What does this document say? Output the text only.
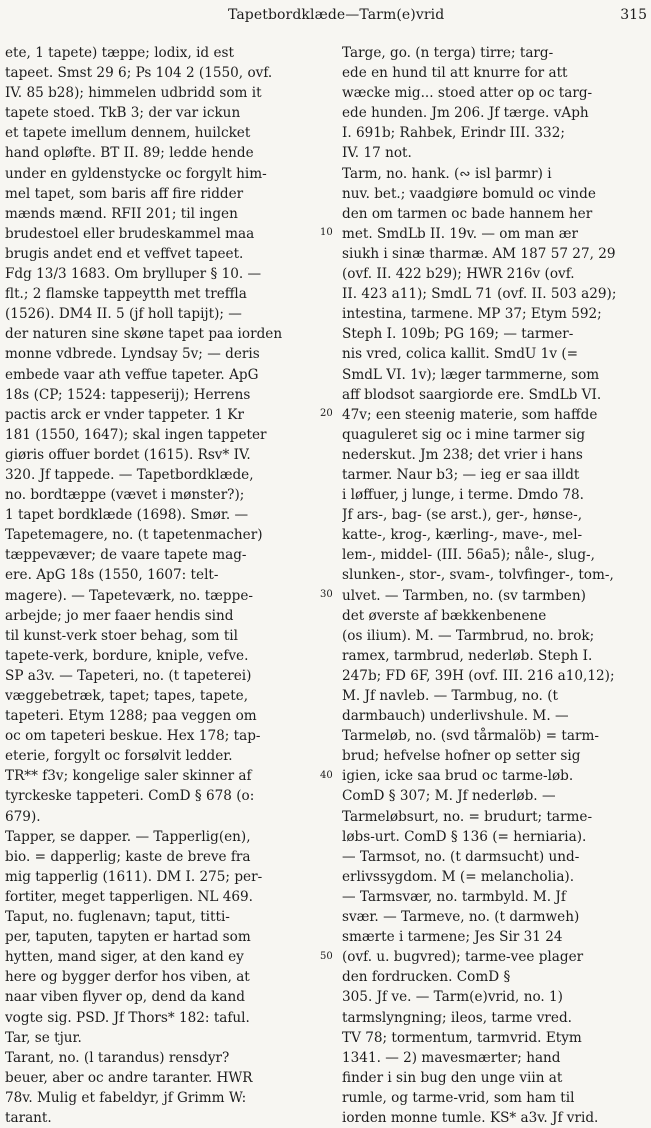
Tapetbordklæde—Tarm(e)vrid	315
ete, 1 tapete) tæppe; lodix, id est
tapeet. Smst 29 6; Ps 104 2 (1550, ovf.
IV. 85 b28); himmelen udbridd som it
tapete stoed. TkB 3; der var ickun
et tapete imellum dennem, huilcket
hand opløfte. BT II. 89; ledde hende
under en gyldenstycke oc forgylt him-
mel tapet, som baris aff fire ridder
mænds mænd. RFII 201; til ingen
brudestoel eller brudeskammel maa
brugis andet end et veffvet tapeet.
Fdg 13/3 1683. Om brylluper § 10. —
flt.; 2 flamske tappeytth met treffla
(1526). DM4 II. 5 (jf holl tapijt); —
der naturen sine skøne tapet paa iorden
monne vdbrede. Lyndsay 5v; — deris
embede vaar ath veffue tapeter. ApG
18s (CP; 1524: tappeserij); Herrens
pactis arck er vnder tappeter. 1 Kr
181 (1550, 1647); skal ingen tappeter
giøris offuer bordet (1615). Rsv* IV.
320. Jf tappede. — Tapetbordklæde,
no. bordtæppe (vævet i mønster?);
1 tapet bordklæde (1698). Smør. —
Tapetemagere, no. (t tapetenmacher)
tæppevæver; de vaare tapete mag-
ere. ApG 18s (1550, 1607: telt-
magere). — Tapeteværk, no. tæppe-
arbejde; jo mer faaer hendis sind
til kunst-verk stoer behag, som til
tapete-verk, bordure, kniple, vefve.
SP a3v. — Tapeteri, no. (t tapeterei)
væggebetræk, tapet; tapes, tapete,
tapeteri. Etym 1288; paa veggen om
oc om tapeteri beskue. Hex 178; tap-
eterie, forgylt oc forsølvit ledder.
TR** f3v; kongelige saler skinner af
tyrckeske tappeteri. ComD § 678 (o:
679).
Tapper, se dapper. — Tapperlig(en),
bio. = dapperlig; kaste de breve fra
mig tapperlig (1611). DM I. 275; per-
fortiter, meget tapperligen. NL 469.
Taput, no. fuglenavn; taput, titti-
per, taputen, tapyten er hartad som
hytten, mand siger, at den kand ey
here og bygger derfor hos viben, at
naar viben flyver op, dend da kand
vogte sig. PSD. Jf Thors* 182: taful.
Tar, se tjur.
Tarant, no. (l tarandus) rensdyr?
beuer, aber oc andre taranter. HWR
78v. Mulig et fabeldyr, jf Grimm W:
tarant.
Targe, go. (n terga) tirre; targ-
ede en hund til att knurre for att
wæcke mig... stoed atter op oc targ-
ede hunden. Jm 206. Jf tærge. vAph
I. 691b; Rahbek, Erindr III. 332;
IV. 17 not.
Tarm, no. hank. (∾ isl þarmr) i
nuv. bet.; vaadgiøre bomuld oc vinde
den om tarmen oc bade hannem her
met. SmdLb II. 19v. — om man ær
siukh i sinæ tharmæ. AM 187 57 27, 29
(ovf. II. 422 b29); HWR 216v (ovf.
II. 423 a11); SmdL 71 (ovf. II. 503 a29);
intestina, tarmene. MP 37; Etym 592;
Steph I. 109b; PG 169; — tarmer-
nis vred, colica kallit. SmdU 1v (=
SmdL VI. 1v); læger tarmmerne, som
aff blodsot saargiorde ere. SmdLb VI.
47v; een steenig materie, som haffde
quaguleret sig oc i mine tarmer sig
nederskut. Jm 238; det vrier i hans
tarmer. Naur b3; — ieg er saa illdt
i løffuer, j lunge, i terme. Dmdo 78.
Jf ars-, bag- (se arst.), ger-, hønse-,
katte-, krog-, kærling-, mave-, mel-
lem-, middel- (III. 56a5); nåle-, slug-,
slunken-, stor-, svam-, tolvfinger-, tom-,
ulvet. — Tarmben, no. (sv tarmben)
det øverste af bækkenbenene
(os ilium). M. — Tarmbrud, no. brok;
ramex, tarmbrud, nederløb. Steph I.
247b; FD 6F, 39H (ovf. III. 216 a10,12);
M. Jf navleb. — Tarmbug, no. (t
darmbauch) underlivshule. M. —
Tarmeløb, no. (svd tårmalöb) = tarm-
brud; hefvelse hofner op setter sig
igien, icke saa brud oc tarme-løb.
ComD § 307; M. Jf nederløb. —
Tarmeløbsurt, no. = brudurt; tarme-
løbs-urt. ComD § 136 (= herniaria).
— Tarmsot, no. (t darmsucht) und-
erlivssygdom. M (= melancholia).
— Tarmsvær, no. tarmbyld. M. Jf
svær. — Tarmeve, no. (t darmweh)
smærte i tarmene; Jes Sir 31 24
(ovf. u. bugvred); tarme-vee plager
den fordrucken. ComD §
305. Jf ve. — Tarm(e)vrid, no. 1)
tarmslyngning; ileos, tarme vred.
TV 78; tormentum, tarmvrid. Etym
1341. — 2) mavesmærter; hand
finder i sin bug den unge viin at
rumle, og tarme-vrid, som ham til
iorden monne tumle. KS* a3v. Jf vrid.
10
20
30
40
50
